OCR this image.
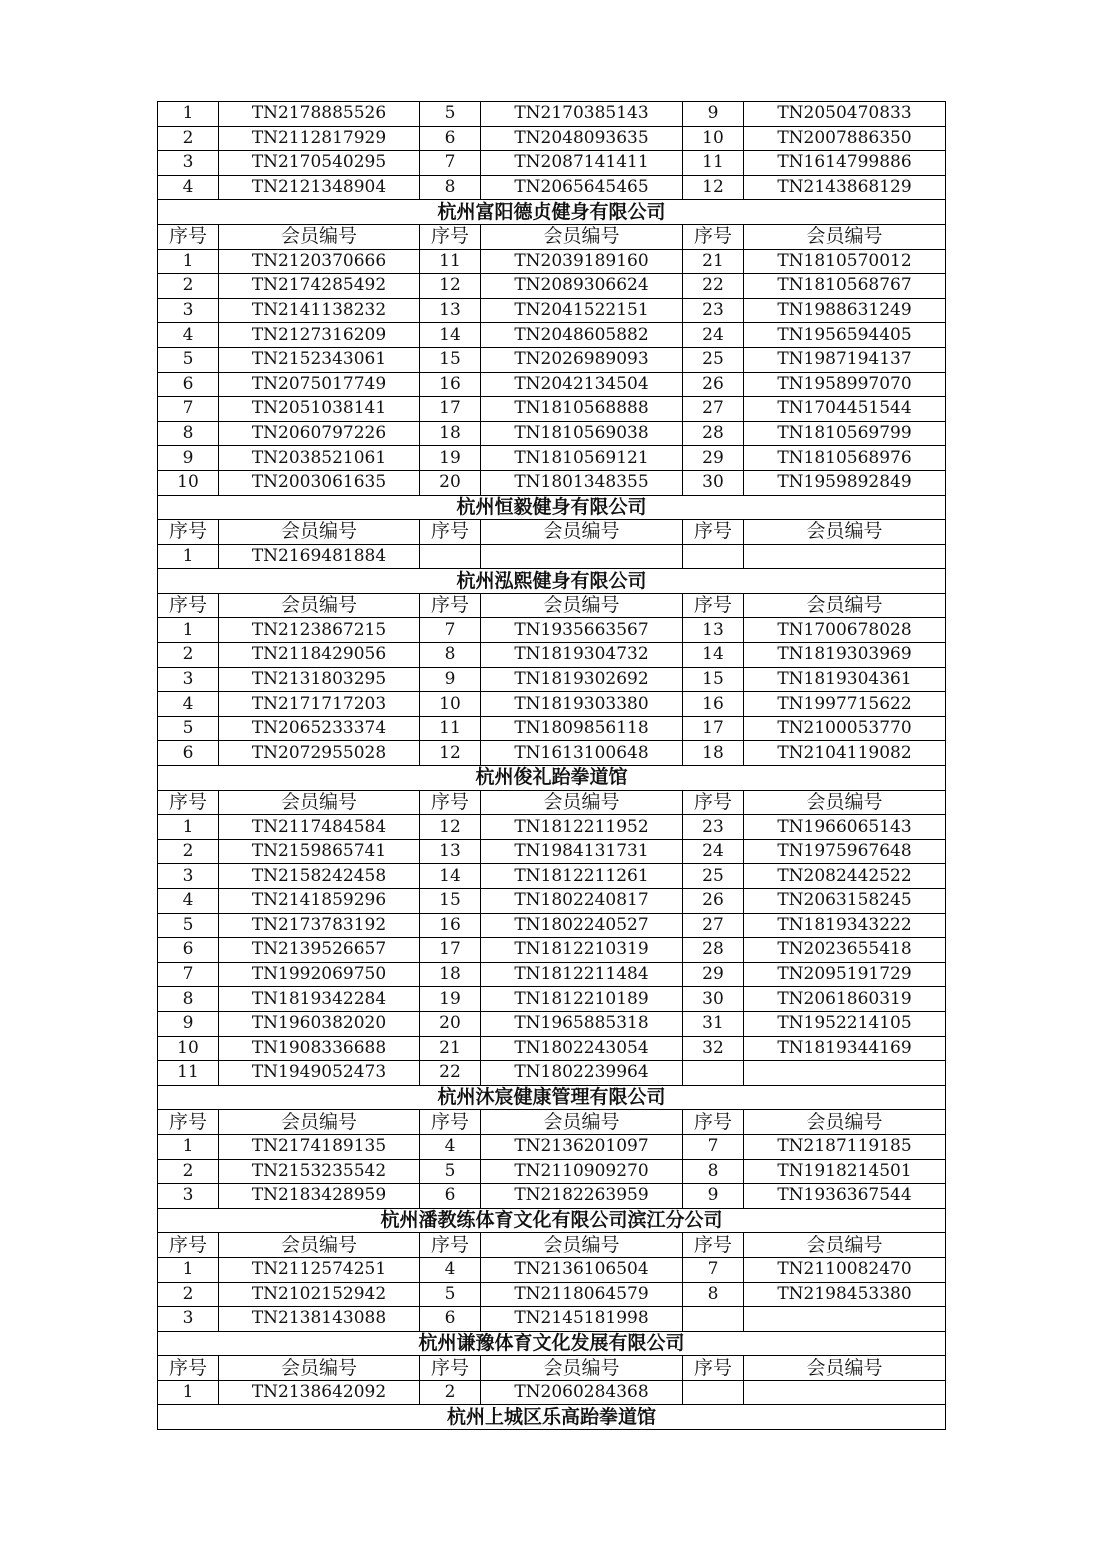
1	TN2178885526	5	TN2170385143	9	TN2050470833
2	TN2112817929	6	TN2048093635	10	TN2007886350
3	TN2170540295	7	TN2087141411	11	TN1614799886
4	TN2121348904	8	TN2065645465	12	TN2143868129
杭州富阳德贞健身有限公司					
序号	会员编号	序号	会员编号	序号	会员编号
1	TN2120370666	11	TN2039189160	21	TN1810570012
2	TN2174285492	12	TN2089306624	22	TN1810568767
3	TN2141138232	13	TN2041522151	23	TN1988631249
4	TN2127316209	14	TN2048605882	24	TN1956594405
5	TN2152343061	15	TN2026989093	25	TN1987194137
6	TN2075017749	16	TN2042134504	26	TN1958997070
7	TN2051038141	17	TN1810568888	27	TN1704451544
8	TN2060797226	18	TN1810569038	28	TN1810569799
9	TN2038521061	19	TN1810569121	29	TN1810568976
10	TN2003061635	20	TN1801348355	30	TN1959892849
杭州恒毅健身有限公司					
序号	会员编号	序号	会员编号	序号	会员编号
1	TN2169481884				
杭州泓熙健身有限公司					
序号	会员编号	序号	会员编号	序号	会员编号
1	TN2123867215	7	TN1935663567	13	TN1700678028
2	TN2118429056	8	TN1819304732	14	TN1819303969
3	TN2131803295	9	TN1819302692	15	TN1819304361
4	TN2171717203	10	TN1819303380	16	TN1997715622
5	TN2065233374	11	TN1809856118	17	TN2100053770
6	TN2072955028	12	TN1613100648	18	TN2104119082
杭州俊礼跆拳道馆					
序号	会员编号	序号	会员编号	序号	会员编号
1	TN2117484584	12	TN1812211952	23	TN1966065143
2	TN2159865741	13	TN1984131731	24	TN1975967648
3	TN2158242458	14	TN1812211261	25	TN2082442522
4	TN2141859296	15	TN1802240817	26	TN2063158245
5	TN2173783192	16	TN1802240527	27	TN1819343222
6	TN2139526657	17	TN1812210319	28	TN2023655418
7	TN1992069750	18	TN1812211484	29	TN2095191729
8	TN1819342284	19	TN1812210189	30	TN2061860319
9	TN1960382020	20	TN1965885318	31	TN1952214105
10	TN1908336688	21	TN1802243054	32	TN1819344169
11	TN1949052473	22	TN1802239964		
杭州沐宸健康管理有限公司					
序号	会员编号	序号	会员编号	序号	会员编号
1	TN2174189135	4	TN2136201097	7	TN2187119185
2	TN2153235542	5	TN2110909270	8	TN1918214501
3	TN2183428959	6	TN2182263959	9	TN1936367544
杭州潘教练体育文化有限公司滨江分公司					
序号	会员编号	序号	会员编号	序号	会员编号
1	TN2112574251	4	TN2136106504	7	TN2110082470
2	TN2102152942	5	TN2118064579	8	TN2198453380
3	TN2138143088	6	TN2145181998		
杭州谦豫体育文化发展有限公司					
序号	会员编号	序号	会员编号	序号	会员编号
1	TN2138642092	2	TN2060284368		
杭州上城区乐高跆拳道馆					
